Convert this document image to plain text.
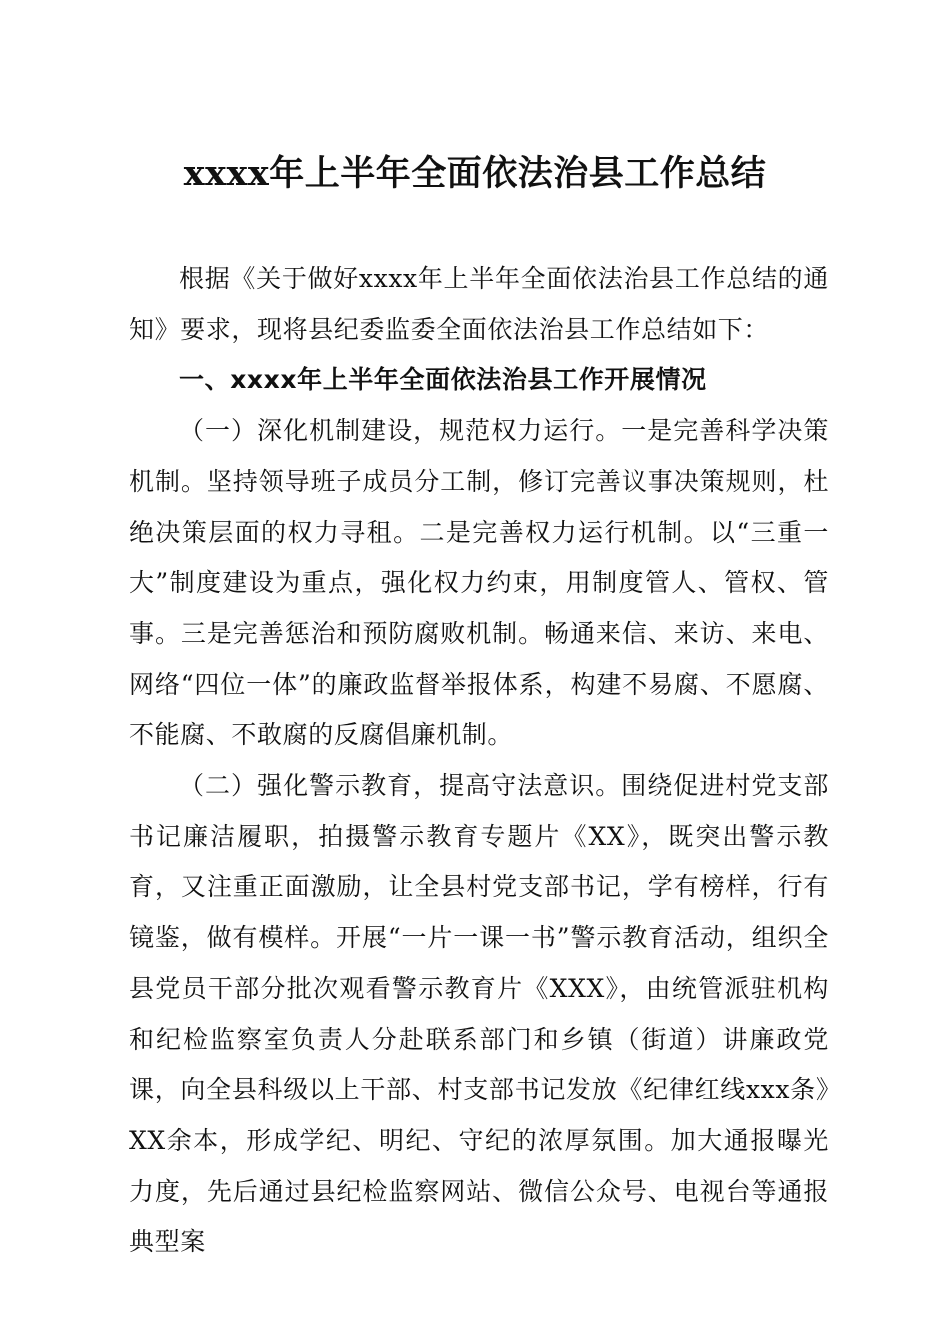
xxxx年上半年全面依法治县工作总结

根据《关于做好xxxx年上半年全面依法治县工作总结的通知》要求，现将县纪委监委全面依法治县工作总结如下：

一、xxxx年上半年全面依法治县工作开展情况

（一）深化机制建设，规范权力运行。一是完善科学决策机制。坚持领导班子成员分工制，修订完善议事决策规则，杜绝决策层面的权力寻租。二是完善权力运行机制。以“三重一大”制度建设为重点，强化权力约束，用制度管人、管权、管事。三是完善惩治和预防腐败机制。畅通来信、来访、来电、网络“四位一体”的廉政监督举报体系，构建不易腐、不愿腐、不能腐、不敢腐的反腐倡廉机制。

（二）强化警示教育，提高守法意识。围绕促进村党支部书记廉洁履职，拍摄警示教育专题片《XX》，既突出警示教育，又注重正面激励，让全县村党支部书记，学有榜样，行有镜鉴，做有模样。开展“一片一课一书”警示教育活动，组织全县党员干部分批次观看警示教育片《XXX》，由统管派驻机构和纪检监察室负责人分赴联系部门和乡镇（街道）讲廉政党课，向全县科级以上干部、村支部书记发放《纪律红线xxx条》XX余本，形成学纪、明纪、守纪的浓厚氛围。加大通报曝光力度，先后通过县纪检监察网站、微信公众号、电视台等通报典型案
